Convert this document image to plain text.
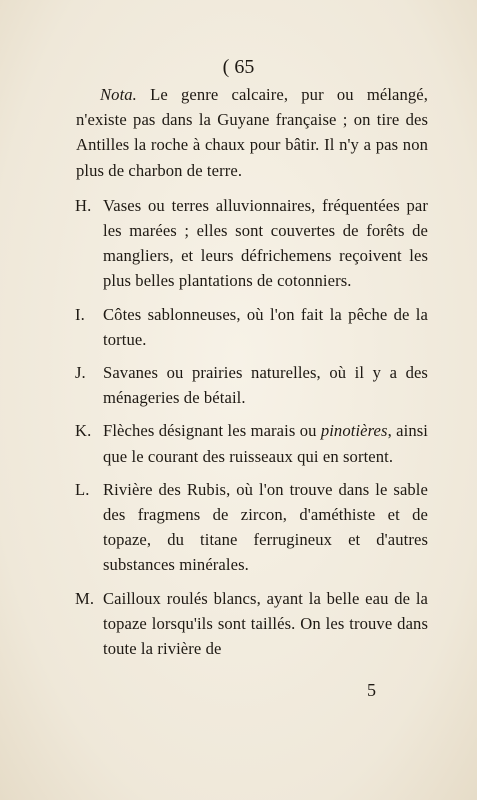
( 65

Nota. Le genre calcaire, pur ou mélangé, n'existe pas dans la Guyane française ; on tire des Antilles la roche à chaux pour bâtir. Il n'y a pas non plus de charbon de terre.

H. Vases ou terres alluvionnaires, fréquentées par les marées ; elles sont couvertes de forêts de mangliers, et leurs défrichemens reçoivent les plus belles plantations de cotonniers.
I. Côtes sablonneuses, où l'on fait la pêche de la tortue.
J. Savanes ou prairies naturelles, où il y a des ménageries de bétail.
K. Flèches désignant les marais ou pinotières, ainsi que le courant des ruisseaux qui en sortent.
L. Rivière des Rubis, où l'on trouve dans le sable des fragmens de zircon, d'améthiste et de topaze, du titane ferrugineux et d'autres substances minérales.
M. Cailloux roulés blancs, ayant la belle eau de la topaze lorsqu'ils sont taillés. On les trouve dans toute la rivière de
5
